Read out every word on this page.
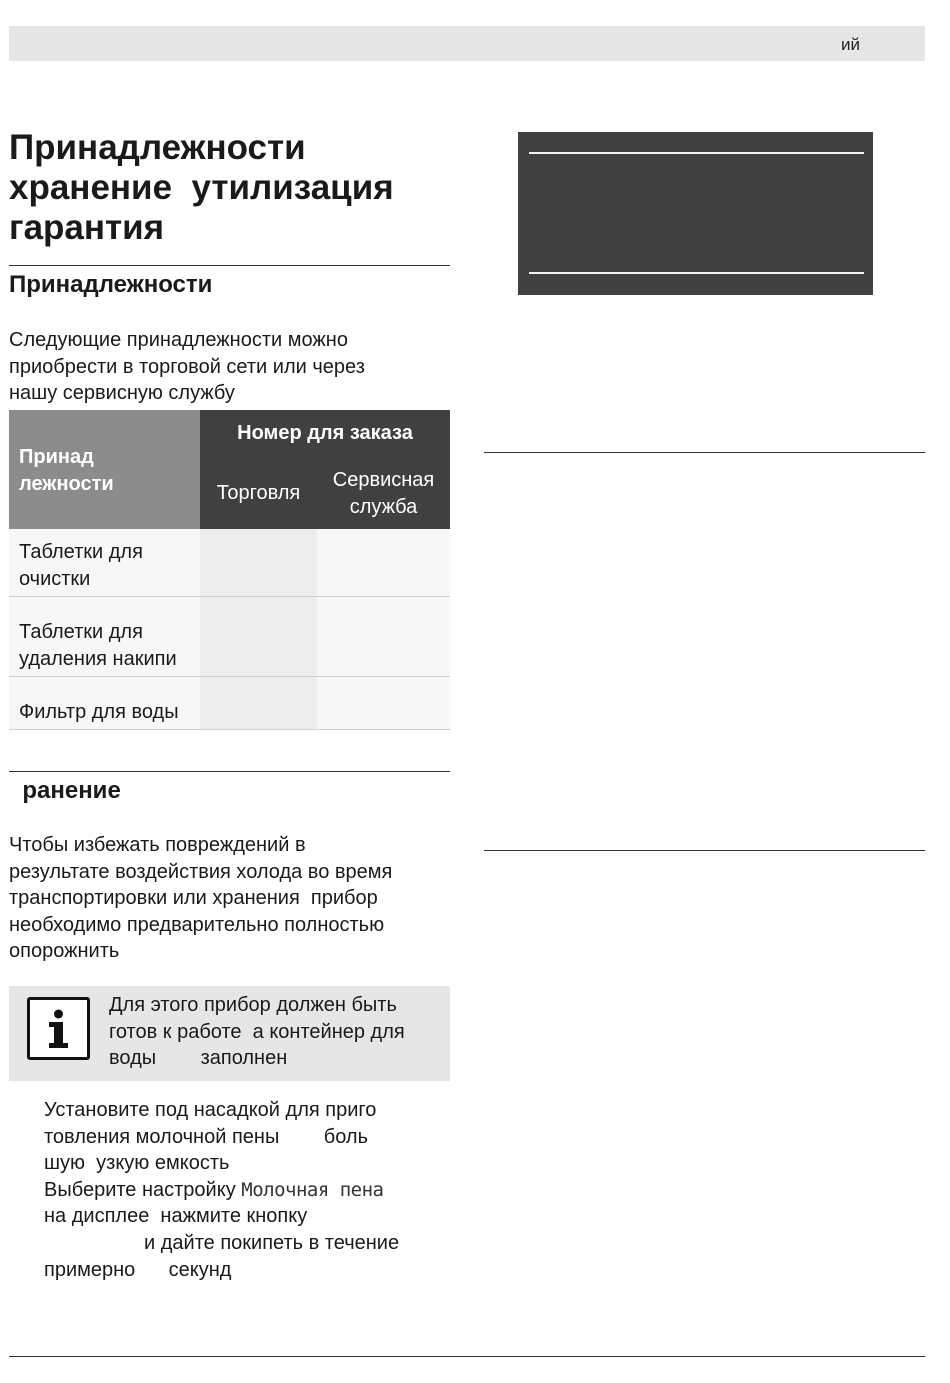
ий
Принадлежности
хранение  утилизация
гарантия
Принадлежности

Следующие принадлежности можно
приобрести в торговой сети или через
нашу сервисную службу

Принад
лежности
Номер для заказа
Торговля
Сервисная
служба
Таблетки для
очистки
Таблетки для
удаления накипи
Фильтр для воды
ранение

Чтобы избежать повреждений в
результате воздействия холода во время
транспортировки или хранения  прибор
необходимо предварительно полностью
опорожнить

Для этого прибор должен быть
готов к работе  а контейнер для
воды        заполнен
Установите под насадкой для приго
товления молочной пены        боль
шую  узкую емкость
Выберите настройку Молочная пена
на дисплее  нажмите кнопку
и дайте покипеть в течение
примерно      секунд
